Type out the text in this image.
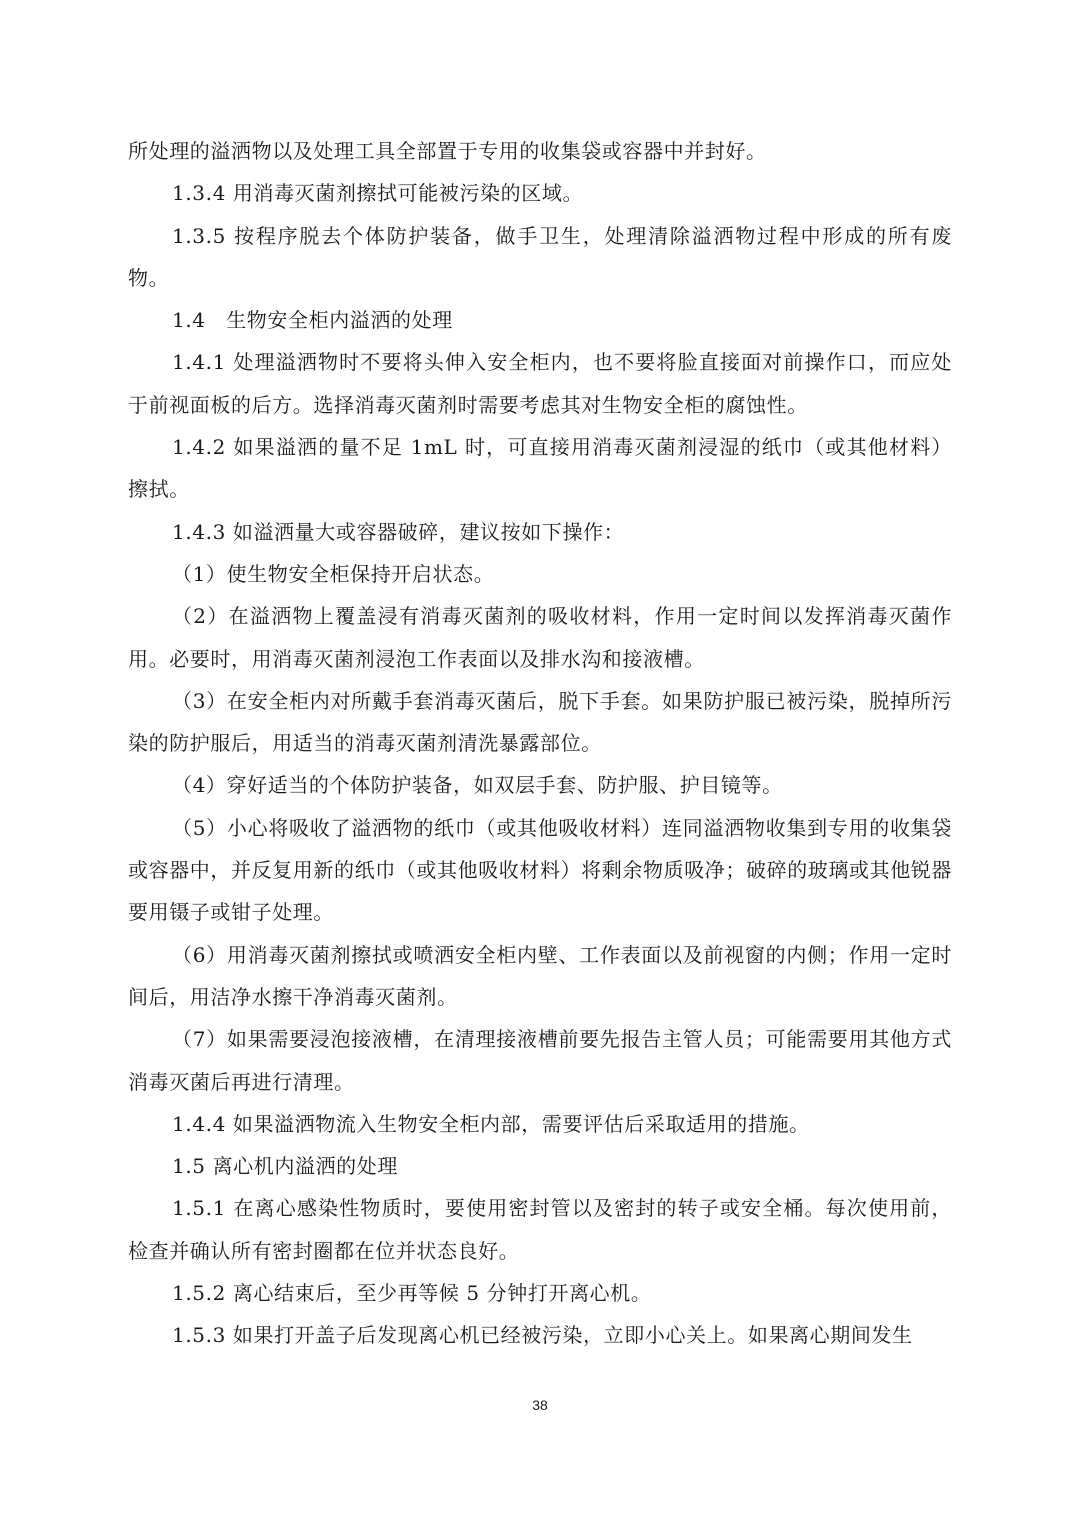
所处理的溢洒物以及处理工具全部置于专用的收集袋或容器中并封好。

1.3.4 用消毒灭菌剂擦拭可能被污染的区域。

1.3.5 按程序脱去个体防护装备，做手卫生，处理清除溢洒物过程中形成的所有废物。

1.4　生物安全柜内溢洒的处理

1.4.1 处理溢洒物时不要将头伸入安全柜内，也不要将脸直接面对前操作口，而应处于前视面板的后方。选择消毒灭菌剂时需要考虑其对生物安全柜的腐蚀性。

1.4.2 如果溢洒的量不足 1mL 时，可直接用消毒灭菌剂浸湿的纸巾（或其他材料）擦拭。

1.4.3 如溢洒量大或容器破碎，建议按如下操作：

（1）使生物安全柜保持开启状态。

（2）在溢洒物上覆盖浸有消毒灭菌剂的吸收材料，作用一定时间以发挥消毒灭菌作用。必要时，用消毒灭菌剂浸泡工作表面以及排水沟和接液槽。

（3）在安全柜内对所戴手套消毒灭菌后，脱下手套。如果防护服已被污染，脱掉所污染的防护服后，用适当的消毒灭菌剂清洗暴露部位。

（4）穿好适当的个体防护装备，如双层手套、防护服、护目镜等。

（5）小心将吸收了溢洒物的纸巾（或其他吸收材料）连同溢洒物收集到专用的收集袋或容器中，并反复用新的纸巾（或其他吸收材料）将剩余物质吸净；破碎的玻璃或其他锐器要用镊子或钳子处理。

（6）用消毒灭菌剂擦拭或喷洒安全柜内壁、工作表面以及前视窗的内侧；作用一定时间后，用洁净水擦干净消毒灭菌剂。

（7）如果需要浸泡接液槽，在清理接液槽前要先报告主管人员；可能需要用其他方式消毒灭菌后再进行清理。

1.4.4 如果溢洒物流入生物安全柜内部，需要评估后采取适用的措施。

1.5 离心机内溢洒的处理

1.5.1 在离心感染性物质时，要使用密封管以及密封的转子或安全桶。每次使用前，检查并确认所有密封圈都在位并状态良好。

1.5.2 离心结束后，至少再等候 5 分钟打开离心机。

1.5.3 如果打开盖子后发现离心机已经被污染，立即小心关上。如果离心期间发生

38
